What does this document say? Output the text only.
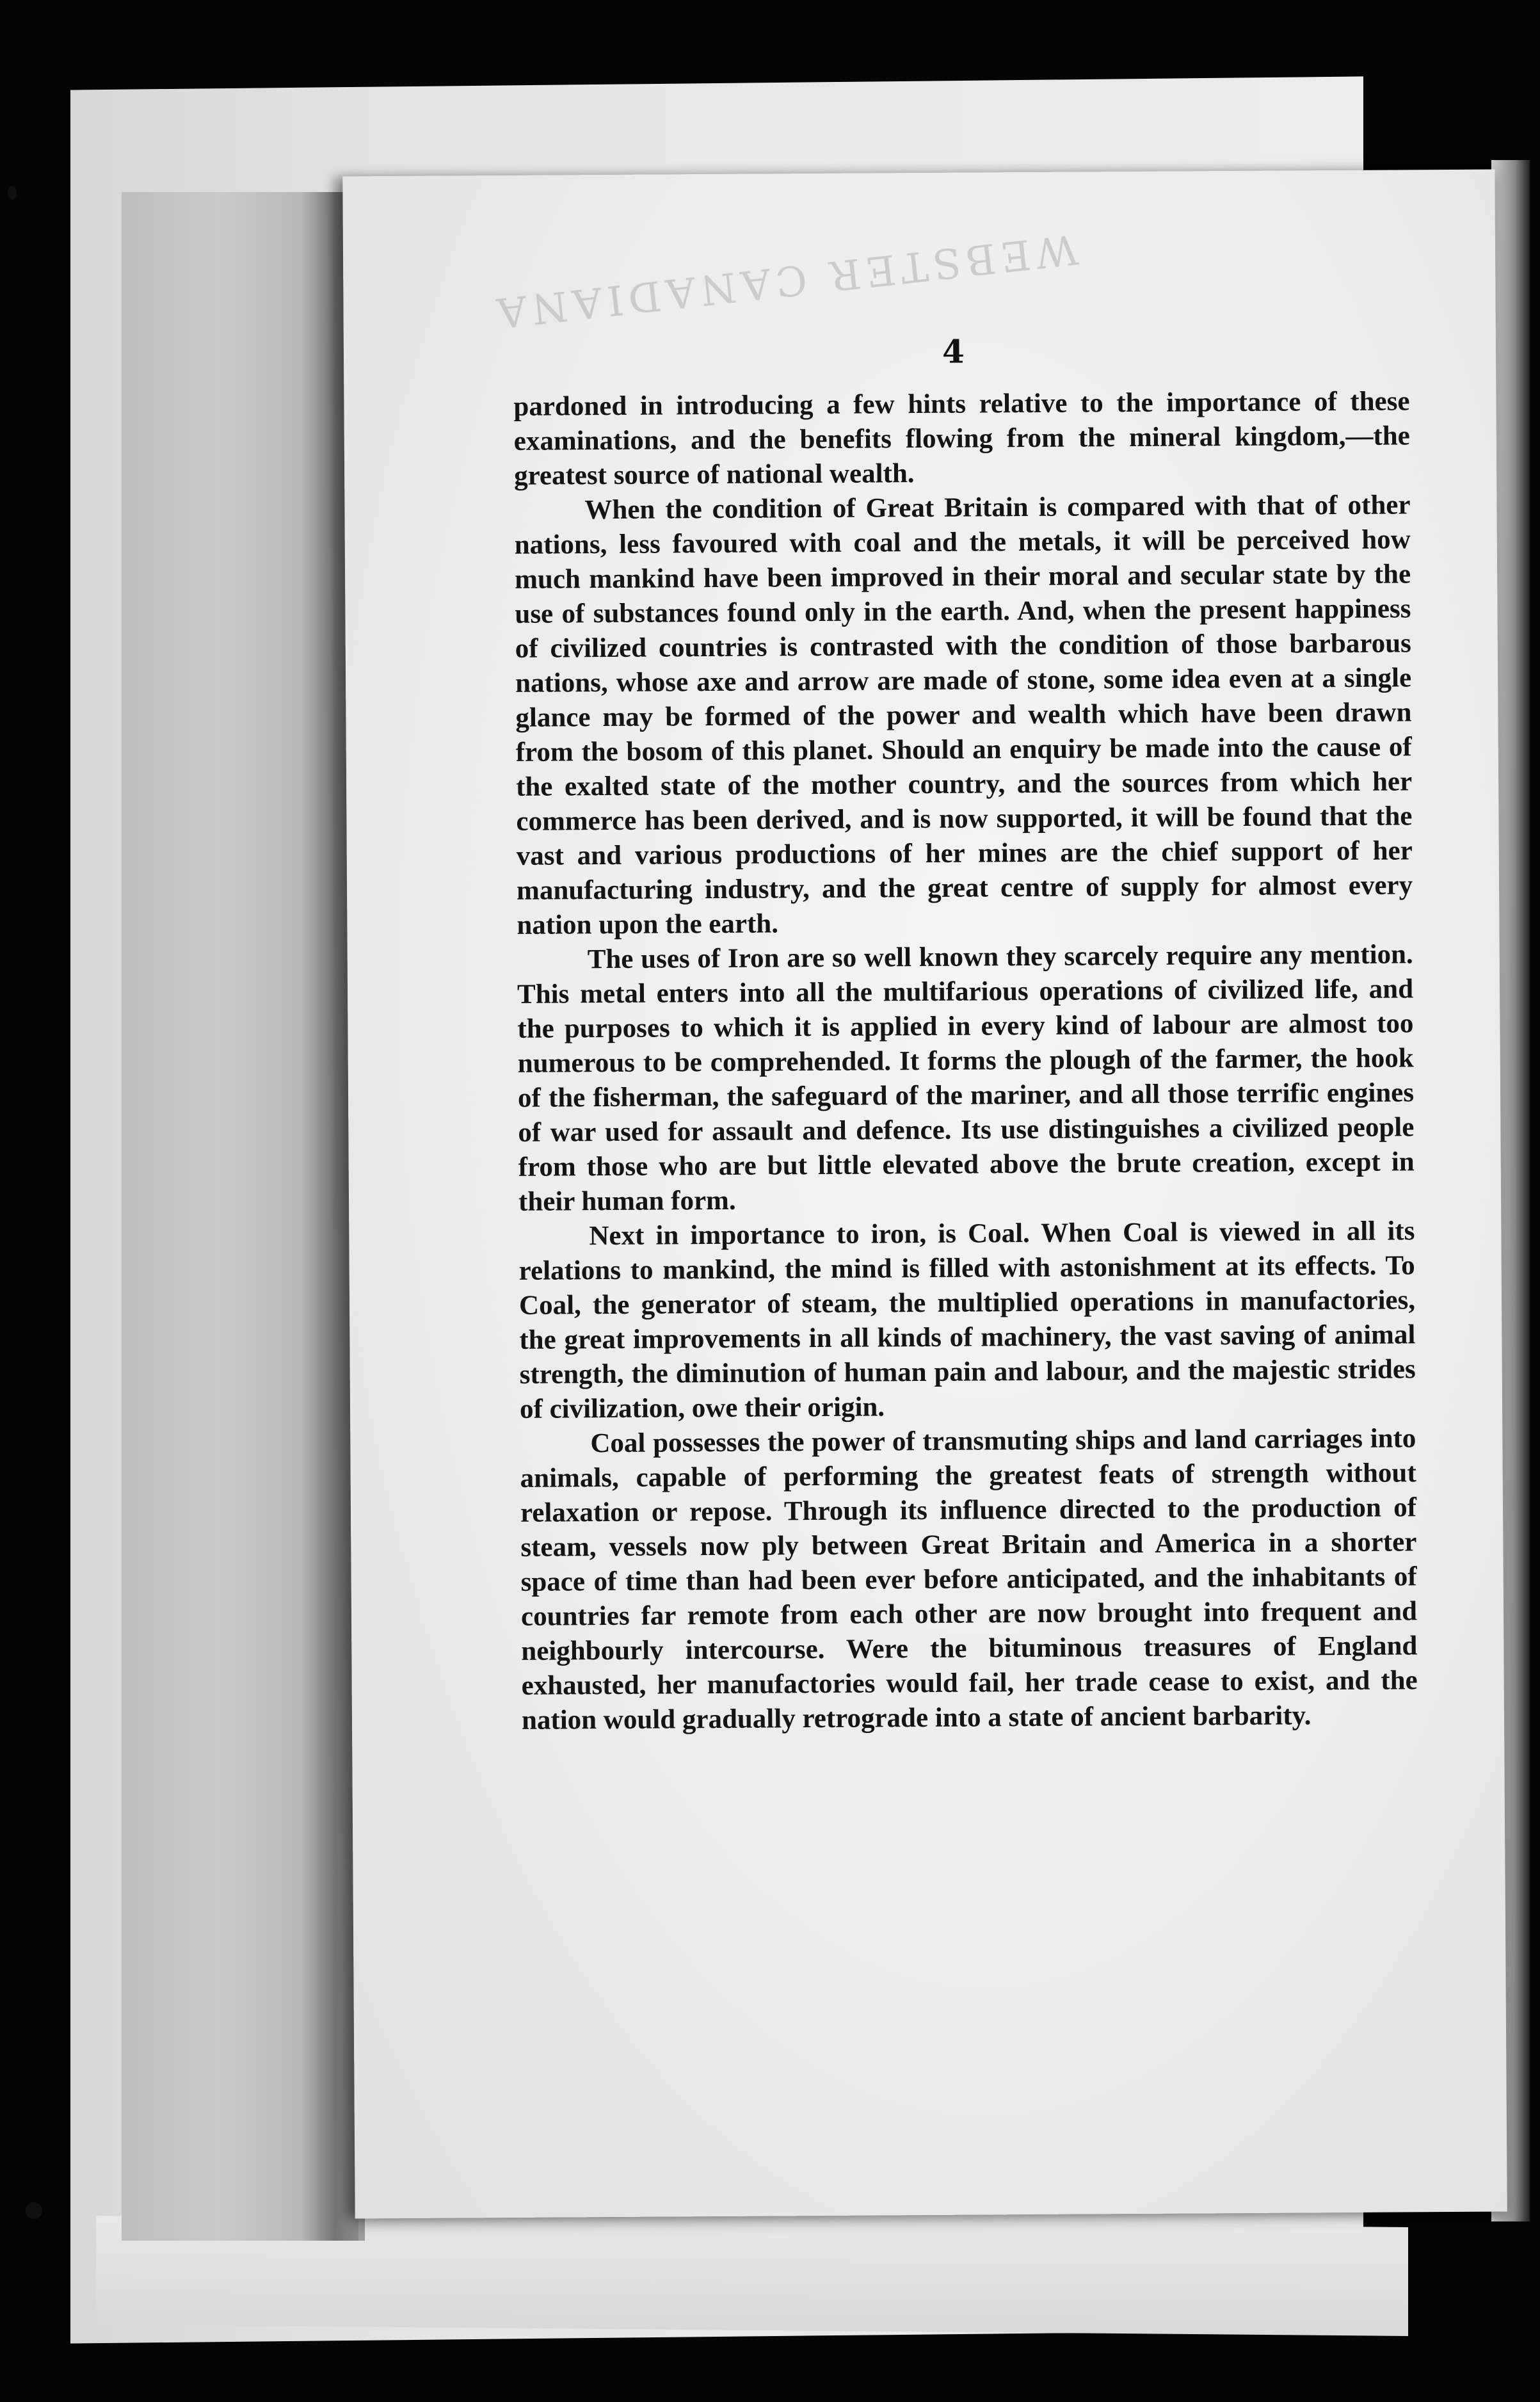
WEBSTER CANADIANA
4

pardoned in introducing a few hints relative to the importance of these examinations, and the benefits flowing from the mineral kingdom,—the greatest source of national wealth.

When the condition of Great Britain is compared with that of other nations, less favoured with coal and the metals, it will be perceived how much mankind have been improved in their moral and secular state by the use of substances found only in the earth. And, when the present happiness of civilized countries is contrasted with the condition of those barbarous nations, whose axe and arrow are made of stone, some idea even at a single glance may be formed of the power and wealth which have been drawn from the bosom of this planet. Should an enquiry be made into the cause of the exalted state of the mother country, and the sources from which her commerce has been derived, and is now supported, it will be found that the vast and various productions of her mines are the chief support of her manufacturing industry, and the great centre of supply for almost every nation upon the earth.

The uses of Iron are so well known they scarcely require any mention. This metal enters into all the multifarious operations of civilized life, and the purposes to which it is applied in every kind of labour are almost too numerous to be comprehended. It forms the plough of the farmer, the hook of the fisherman, the safeguard of the mariner, and all those terrific engines of war used for assault and defence. Its use distinguishes a civilized people from those who are but little elevated above the brute creation, except in their human form.

Next in importance to iron, is Coal. When Coal is viewed in all its relations to mankind, the mind is filled with astonishment at its effects. To Coal, the generator of steam, the multiplied operations in manufactories, the great improvements in all kinds of machinery, the vast saving of animal strength, the diminution of human pain and labour, and the majestic strides of civilization, owe their origin.

Coal possesses the power of transmuting ships and land carriages into animals, capable of performing the greatest feats of strength without relaxation or repose. Through its influence directed to the production of steam, vessels now ply between Great Britain and America in a shorter space of time than had been ever before anticipated, and the inhabitants of countries far remote from each other are now brought into frequent and neighbourly intercourse. Were the bituminous treasures of England exhausted, her manufactories would fail, her trade cease to exist, and the nation would gradually retrograde into a state of ancient barbarity.
